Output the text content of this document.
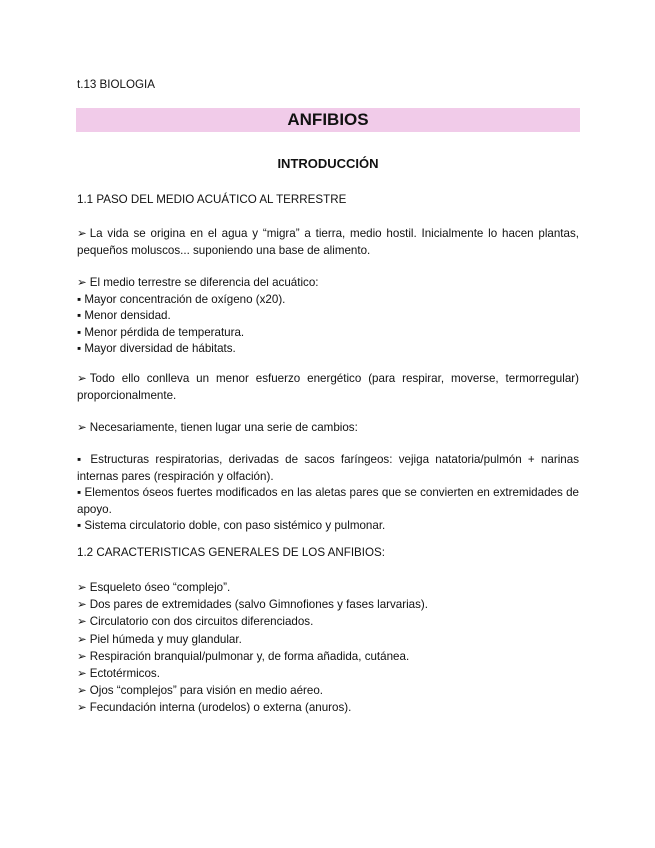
t.13 BIOLOGIA

ANFIBIOS

INTRODUCCIÓN

1.1 PASO DEL MEDIO ACUÁTICO AL TERRESTRE

➢ La vida se origina en el agua y “migra” a tierra, medio hostil. Inicialmente lo hacen plantas, pequeños moluscos... suponiendo una base de alimento.

➢ El medio terrestre se diferencia del acuático:
▪ Mayor concentración de oxígeno (x20).
▪ Menor densidad.
▪ Menor pérdida de temperatura.
▪ Mayor diversidad de hábitats.

➢ Todo ello conlleva un menor esfuerzo energético (para respirar, moverse, termorregular) proporcionalmente.

➢ Necesariamente, tienen lugar una serie de cambios:

▪ Estructuras respiratorias, derivadas de sacos faríngeos: vejiga natatoria/pulmón + narinas internas pares (respiración y olfación).
▪ Elementos óseos fuertes modificados en las aletas pares que se convierten en extremidades de apoyo.
▪ Sistema circulatorio doble, con paso sistémico y pulmonar.

1.2 CARACTERISTICAS GENERALES DE LOS ANFIBIOS:

➢ Esqueleto óseo “complejo”.
➢ Dos pares de extremidades (salvo Gimnofiones y fases larvarias).
➢ Circulatorio con dos circuitos diferenciados.
➢ Piel húmeda y muy glandular.
➢ Respiración branquial/pulmonar y, de forma añadida, cutánea.
➢ Ectotérmicos.
➢ Ojos “complejos” para visión en medio aéreo.
➢ Fecundación interna (urodelos) o externa (anuros).
